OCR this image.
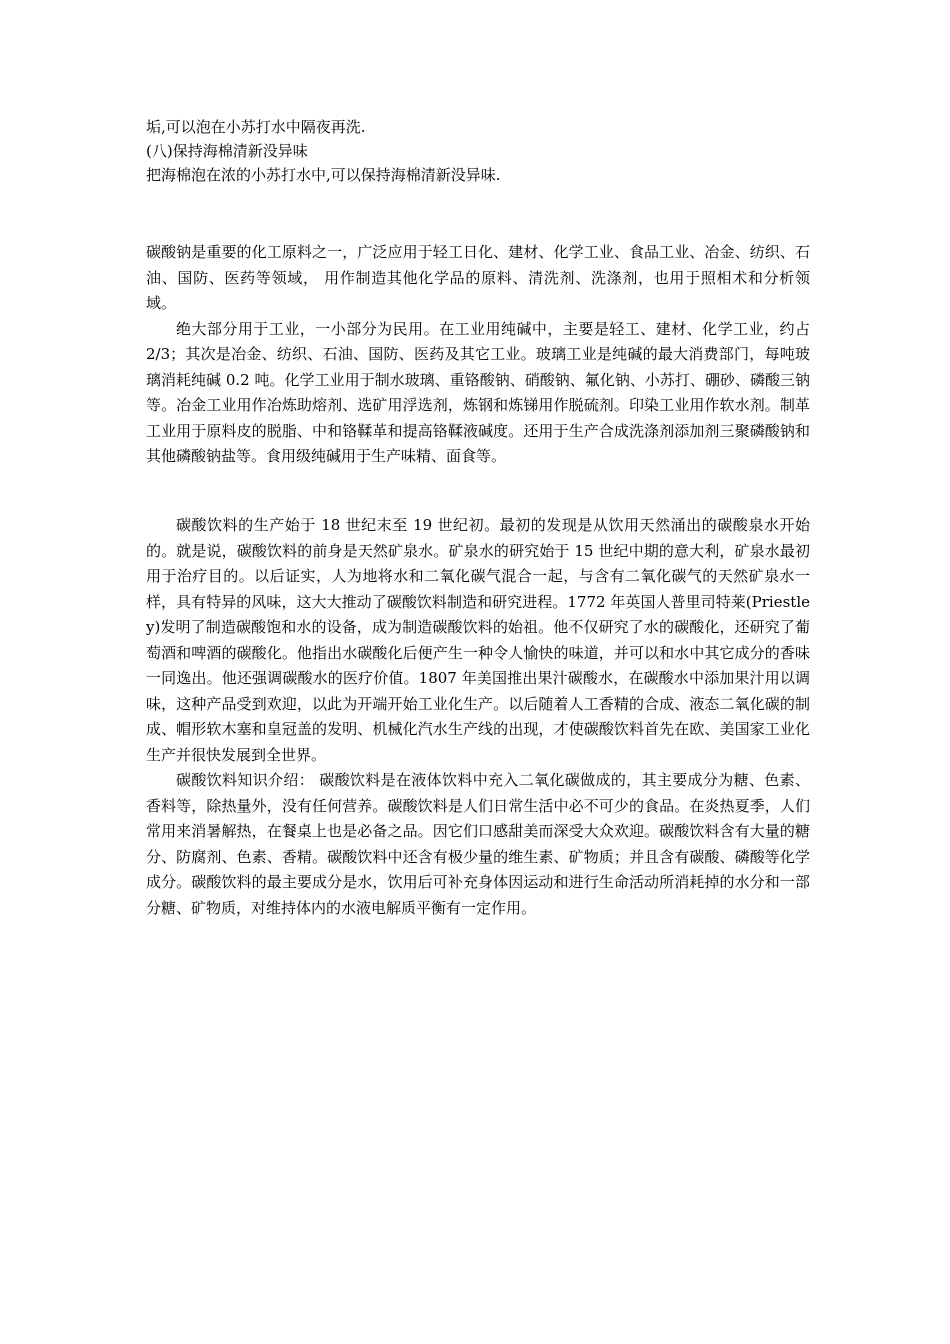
垢,可以泡在小苏打水中隔夜再洗.

(八)保持海棉清新没异味

把海棉泡在浓的小苏打水中,可以保持海棉清新没异味.

碳酸钠是重要的化工原料之一，广泛应用于轻工日化、建材、化学工业、食品工业、冶金、纺织、石油、国防、医药等领域， 用作制造其他化学品的原料、清洗剂、洗涤剂，也用于照相术和分析领域。

绝大部分用于工业，一小部分为民用。在工业用纯碱中，主要是轻工、建材、化学工业，约占 2/3；其次是冶金、纺织、石油、国防、医药及其它工业。玻璃工业是纯碱的最大消费部门，每吨玻璃消耗纯碱 0.2 吨。化学工业用于制水玻璃、重铬酸钠、硝酸钠、氟化钠、小苏打、硼砂、磷酸三钠等。冶金工业用作冶炼助熔剂、选矿用浮选剂，炼钢和炼锑用作脱硫剂。印染工业用作软水剂。制革工业用于原料皮的脱脂、中和铬鞣革和提高铬鞣液碱度。还用于生产合成洗涤剂添加剂三聚磷酸钠和其他磷酸钠盐等。食用级纯碱用于生产味精、面食等。

碳酸饮料的生产始于 18 世纪末至 19 世纪初。最初的发现是从饮用天然涌出的碳酸泉水开始的。就是说，碳酸饮料的前身是天然矿泉水。矿泉水的研究始于 15 世纪中期的意大利，矿泉水最初用于治疗目的。以后证实，人为地将水和二氧化碳气混合一起，与含有二氧化碳气的天然矿泉水一样，具有特异的风味，这大大推动了碳酸饮料制造和研究进程。1772 年英国人普里司特莱(Priestley)发明了制造碳酸饱和水的设备，成为制造碳酸饮料的始祖。他不仅研究了水的碳酸化，还研究了葡萄酒和啤酒的碳酸化。他指出水碳酸化后便产生一种令人愉快的味道，并可以和水中其它成分的香味一同逸出。他还强调碳酸水的医疗价值。1807 年美国推出果汁碳酸水，在碳酸水中添加果汁用以调味，这种产品受到欢迎，以此为开端开始工业化生产。以后随着人工香精的合成、液态二氧化碳的制成、帽形软木塞和皇冠盖的发明、机械化汽水生产线的出现，才使碳酸饮料首先在欧、美国家工业化生产并很快发展到全世界。

碳酸饮料知识介绍： 碳酸饮料是在液体饮料中充入二氧化碳做成的，其主要成分为糖、色素、香料等，除热量外，没有任何营养。碳酸饮料是人们日常生活中必不可少的食品。在炎热夏季，人们常用来消暑解热，在餐桌上也是必备之品。因它们口感甜美而深受大众欢迎。碳酸饮料含有大量的糖分、防腐剂、色素、香精。碳酸饮料中还含有极少量的维生素、矿物质；并且含有碳酸、磷酸等化学成分。碳酸饮料的最主要成分是水，饮用后可补充身体因运动和进行生命活动所消耗掉的水分和一部分糖、矿物质，对维持体内的水液电解质平衡有一定作用。
